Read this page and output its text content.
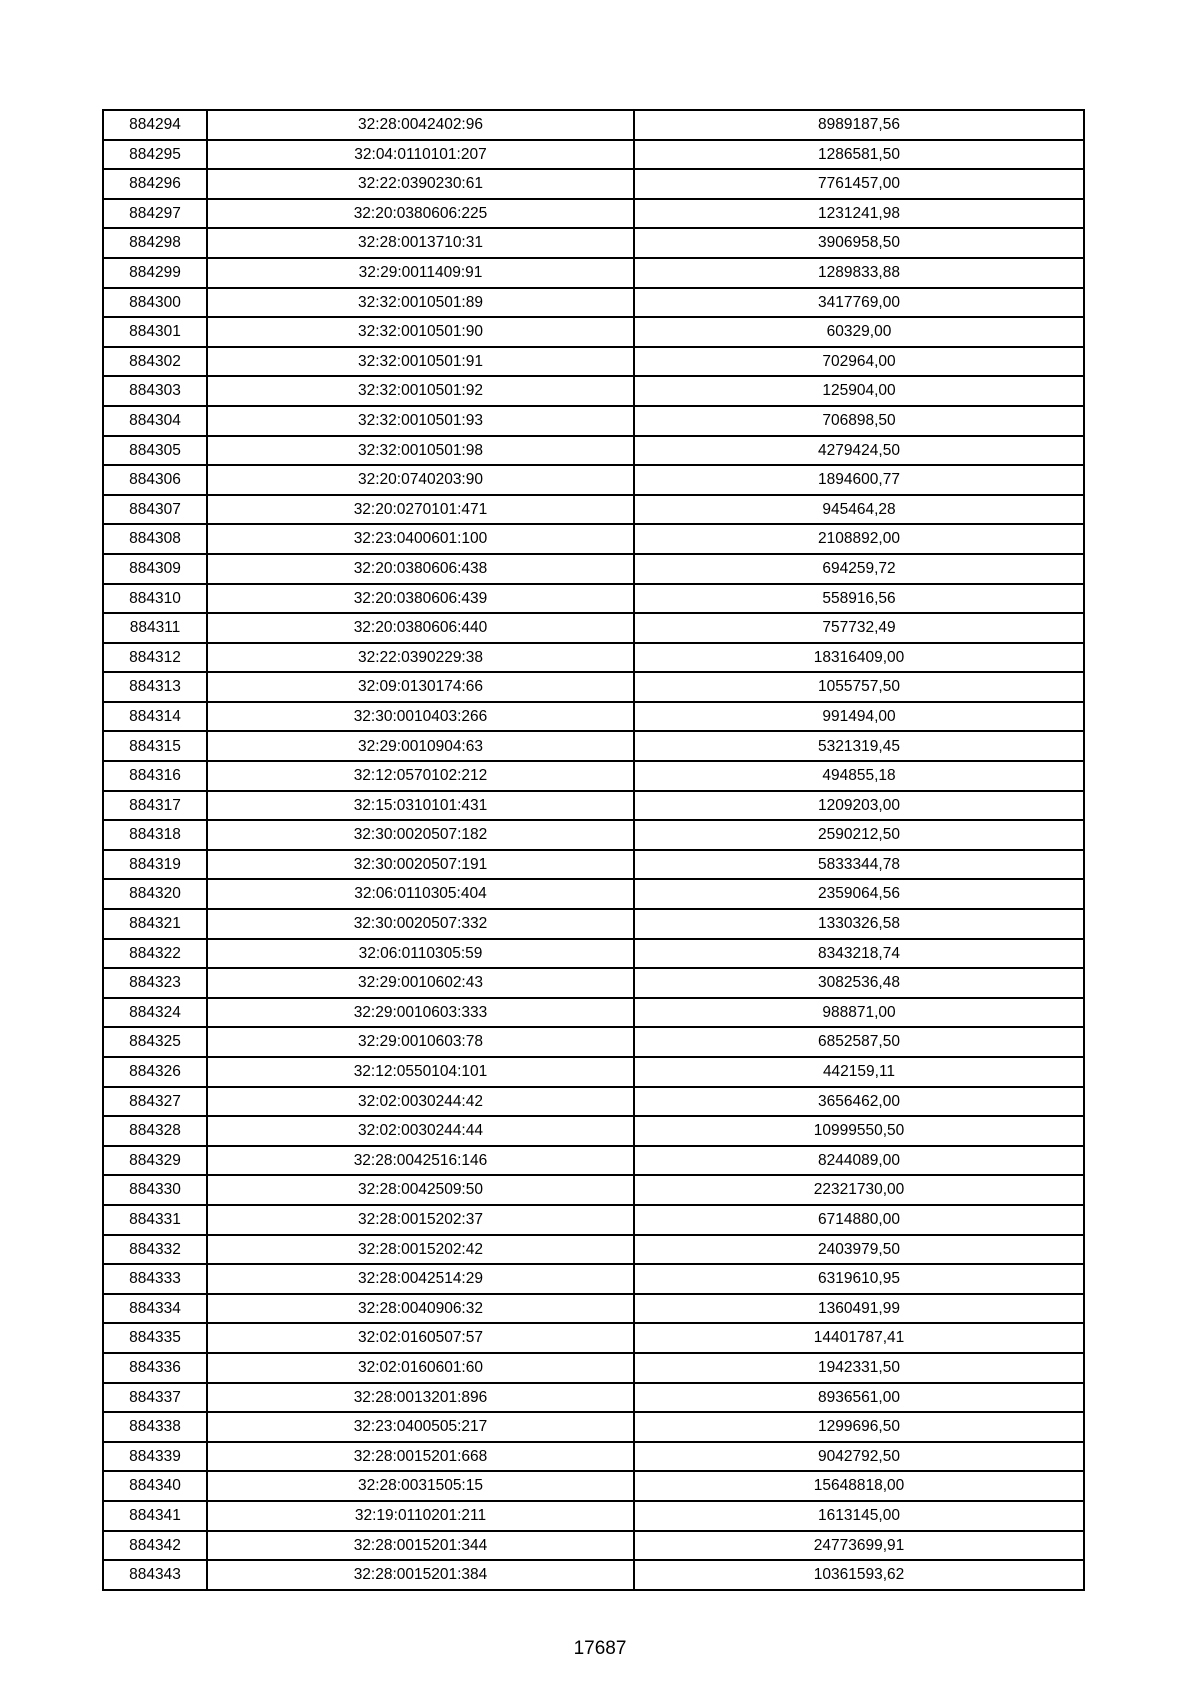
884294	32:28:0042402:96	8989187,56
884295	32:04:0110101:207	1286581,50
884296	32:22:0390230:61	7761457,00
884297	32:20:0380606:225	1231241,98
884298	32:28:0013710:31	3906958,50
884299	32:29:0011409:91	1289833,88
884300	32:32:0010501:89	3417769,00
884301	32:32:0010501:90	60329,00
884302	32:32:0010501:91	702964,00
884303	32:32:0010501:92	125904,00
884304	32:32:0010501:93	706898,50
884305	32:32:0010501:98	4279424,50
884306	32:20:0740203:90	1894600,77
884307	32:20:0270101:471	945464,28
884308	32:23:0400601:100	2108892,00
884309	32:20:0380606:438	694259,72
884310	32:20:0380606:439	558916,56
884311	32:20:0380606:440	757732,49
884312	32:22:0390229:38	18316409,00
884313	32:09:0130174:66	1055757,50
884314	32:30:0010403:266	991494,00
884315	32:29:0010904:63	5321319,45
884316	32:12:0570102:212	494855,18
884317	32:15:0310101:431	1209203,00
884318	32:30:0020507:182	2590212,50
884319	32:30:0020507:191	5833344,78
884320	32:06:0110305:404	2359064,56
884321	32:30:0020507:332	1330326,58
884322	32:06:0110305:59	8343218,74
884323	32:29:0010602:43	3082536,48
884324	32:29:0010603:333	988871,00
884325	32:29:0010603:78	6852587,50
884326	32:12:0550104:101	442159,11
884327	32:02:0030244:42	3656462,00
884328	32:02:0030244:44	10999550,50
884329	32:28:0042516:146	8244089,00
884330	32:28:0042509:50	22321730,00
884331	32:28:0015202:37	6714880,00
884332	32:28:0015202:42	2403979,50
884333	32:28:0042514:29	6319610,95
884334	32:28:0040906:32	1360491,99
884335	32:02:0160507:57	14401787,41
884336	32:02:0160601:60	1942331,50
884337	32:28:0013201:896	8936561,00
884338	32:23:0400505:217	1299696,50
884339	32:28:0015201:668	9042792,50
884340	32:28:0031505:15	15648818,00
884341	32:19:0110201:211	1613145,00
884342	32:28:0015201:344	24773699,91
884343	32:28:0015201:384	10361593,62
17687
